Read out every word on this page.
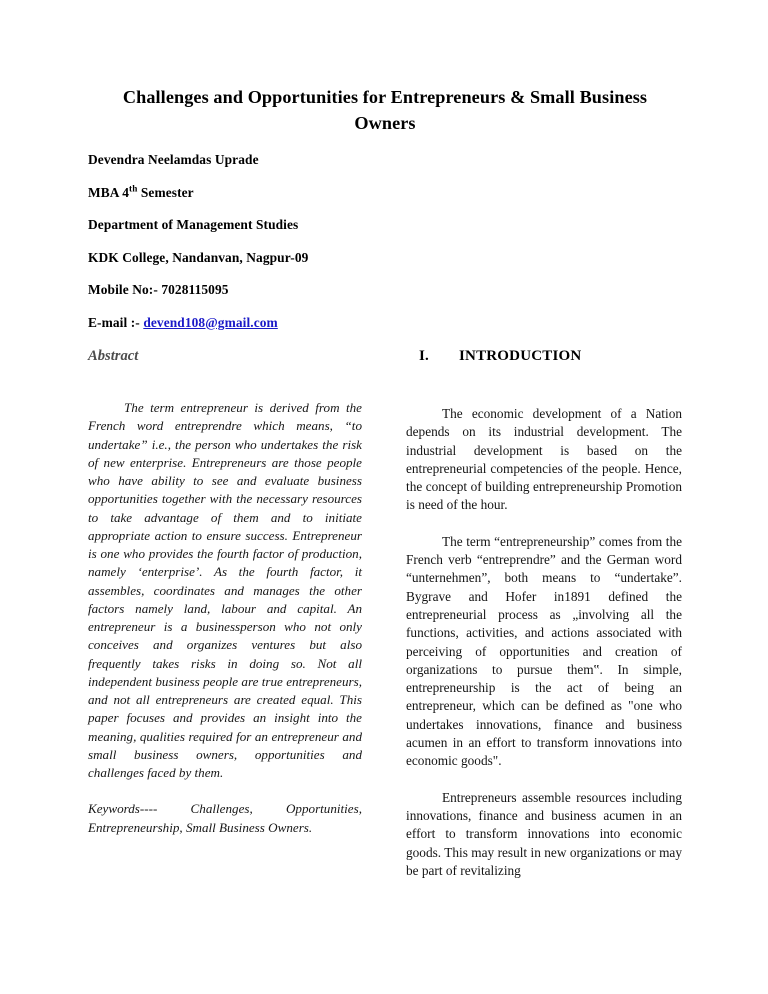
Challenges and Opportunities for Entrepreneurs & Small Business Owners

Devendra Neelamdas Uprade

MBA 4th Semester

Department of Management Studies

KDK College, Nandanvan, Nagpur-09

Mobile No:- 7028115095

E-mail :- devend108@gmail.com

Abstract

The term entrepreneur is derived from the French word entreprendre which means, “to undertake” i.e., the person who undertakes the risk of new enterprise. Entrepreneurs are those people who have ability to see and evaluate business opportunities together with the necessary resources to take advantage of them and to initiate appropriate action to ensure success. Entrepreneur is one who provides the fourth factor of production, namely ‘enterprise’. As the fourth factor, it assembles, coordinates and manages the other factors namely land, labour and capital. An entrepreneur is a businessperson who not only conceives and organizes ventures but also frequently takes risks in doing so. Not all independent business people are true entrepreneurs, and not all entrepreneurs are created equal. This paper focuses and provides an insight into the meaning, qualities required for an entrepreneur and small business owners, opportunities and challenges faced by them.

Keywords---- Challenges, Opportunities, Entrepreneurship, Small Business Owners.

I. INTRODUCTION

The economic development of a Nation depends on its industrial development. The industrial development is based on the entrepreneurial competencies of the people. Hence, the concept of building entrepreneurship Promotion is need of the hour.

The term “entrepreneurship” comes from the French verb “entreprendre” and the German word “unternehmen”, both means to “undertake”. Bygrave and Hofer in1891 defined the entrepreneurial process as „involving all the functions, activities, and actions associated with perceiving of opportunities and creation of organizations to pursue them‟. In simple, entrepreneurship is the act of being an entrepreneur, which can be defined as "one who undertakes innovations, finance and business acumen in an effort to transform innovations into economic goods".

Entrepreneurs assemble resources including innovations, finance and business acumen in an effort to transform innovations into economic goods. This may result in new organizations or may be part of revitalizing
